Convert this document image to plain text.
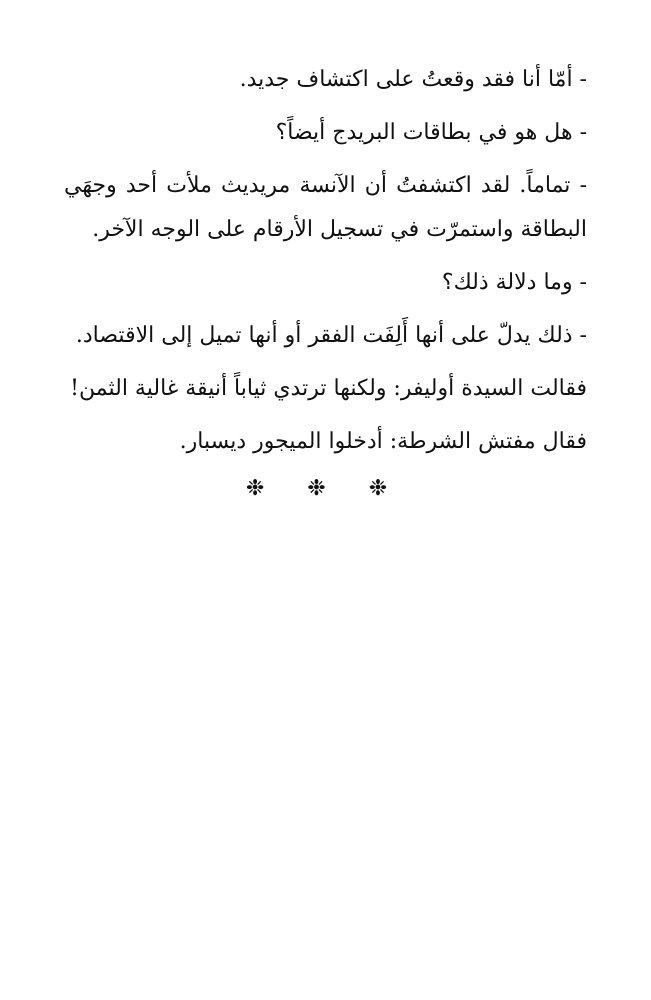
- أمّا أنا فقد وقعتُ على اكتشاف جديد.

- هل هو في بطاقات البريدج أيضاً؟

- تماماً. لقد اكتشفتُ أن الآنسة مريديث ملأت أحد وجهَي البطاقة واستمرّت في تسجيل الأرقام على الوجه الآخر.

- وما دلالة ذلك؟

- ذلك يدلّ على أنها أَلِفَت الفقر أو أنها تميل إلى الاقتصاد.

فقالت السيدة أوليفر: ولكنها ترتدي ثياباً أنيقة غالية الثمن!

فقال مفتش الشرطة: أدخلوا الميجور ديسبار.

❉ ❉ ❉
